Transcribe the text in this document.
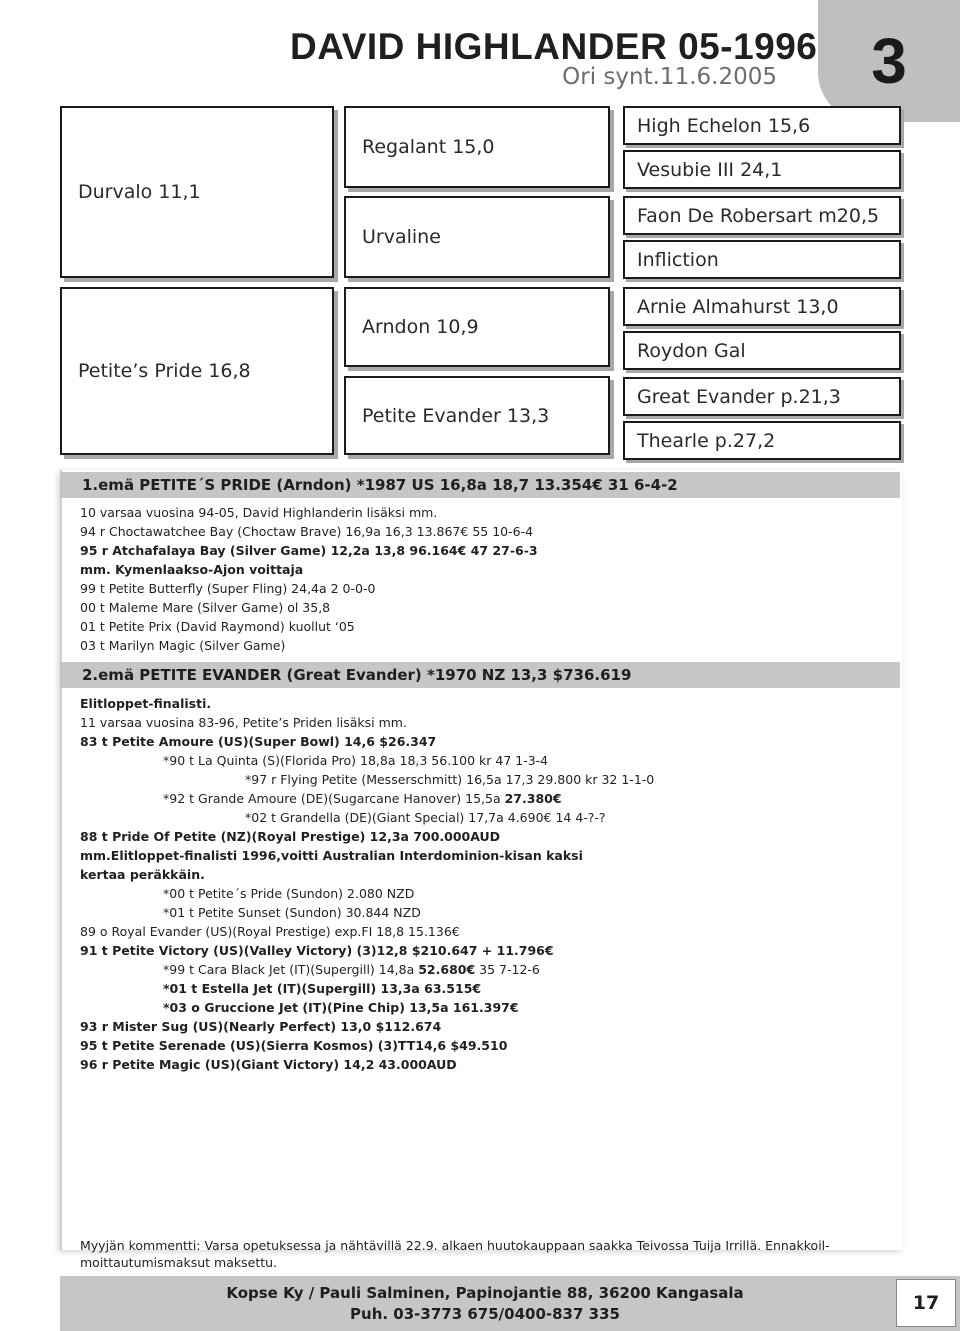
3
DAVID HIGHLANDER 05-1996
Ori synt.11.6.2005
Durvalo 11,1
Petite’s Pride 16,8
Regalant 15,0
Urvaline
Arndon 10,9
Petite Evander 13,3
High Echelon 15,6
Vesubie III 24,1
Faon De Robersart m20,5
Infliction
Arnie Almahurst 13,0
Roydon Gal
Great Evander p.21,3
Thearle p.27,2
1.emä PETITE´S PRIDE (Arndon) *1987 US 16,8a 18,7 13.354€ 31 6-4-2
10 varsaa vuosina 94-05, David Highlanderin lisäksi mm.
94 r Choctawatchee Bay (Choctaw Brave) 16,9a 16,3 13.867€ 55 10-6-4
95 r Atchafalaya Bay (Silver Game) 12,2a 13,8 96.164€ 47 27-6-3
mm. Kymenlaakso-Ajon voittaja
99 t Petite Butterfly (Super Fling) 24,4a 2 0-0-0
00 t Maleme Mare (Silver Game) ol 35,8
01 t Petite Prix (David Raymond) kuollut ‘05
03 t Marilyn Magic (Silver Game)
2.emä PETITE EVANDER (Great Evander) *1970 NZ 13,3 $736.619
Elitloppet-finalisti.
11 varsaa vuosina 83-96, Petite’s Priden lisäksi mm.
83 t Petite Amoure (US)(Super Bowl) 14,6 $26.347
*90 t La Quinta (S)(Florida Pro) 18,8a 18,3 56.100 kr 47 1-3-4
*97 r Flying Petite (Messerschmitt) 16,5a 17,3 29.800 kr 32 1-1-0
*92 t Grande Amoure (DE)(Sugarcane Hanover) 15,5a 27.380€
*02 t Grandella (DE)(Giant Special) 17,7a 4.690€ 14 4-?-?
88 t Pride Of Petite (NZ)(Royal Prestige) 12,3a 700.000AUD
mm.Elitloppet-finalisti 1996,voitti Australian Interdominion-kisan kaksi
kertaa peräkkäin.
*00 t Petite´s Pride (Sundon) 2.080 NZD
*01 t Petite Sunset (Sundon) 30.844 NZD
89 o Royal Evander (US)(Royal Prestige) exp.FI 18,8 15.136€
91 t Petite Victory (US)(Valley Victory) (3)12,8 $210.647 + 11.796€
*99 t Cara Black Jet (IT)(Supergill) 14,8a 52.680€ 35 7-12-6
*01 t Estella Jet (IT)(Supergill) 13,3a 63.515€
*03 o Gruccione Jet (IT)(Pine Chip) 13,5a 161.397€
93 r Mister Sug (US)(Nearly Perfect) 13,0 $112.674
95 t Petite Serenade (US)(Sierra Kosmos) (3)TT14,6 $49.510
96 r Petite Magic (US)(Giant Victory) 14,2 43.000AUD
Myyjän kommentti: Varsa opetuksessa ja nähtävillä 22.9. alkaen huutokauppaan saakka Teivossa Tuija Irrillä. Ennakkoil-moittautumismaksut maksettu.
Kopse Ky / Pauli Salminen, Papinojantie 88, 36200 Kangasala
Puh. 03-3773 675/0400-837 335	17
